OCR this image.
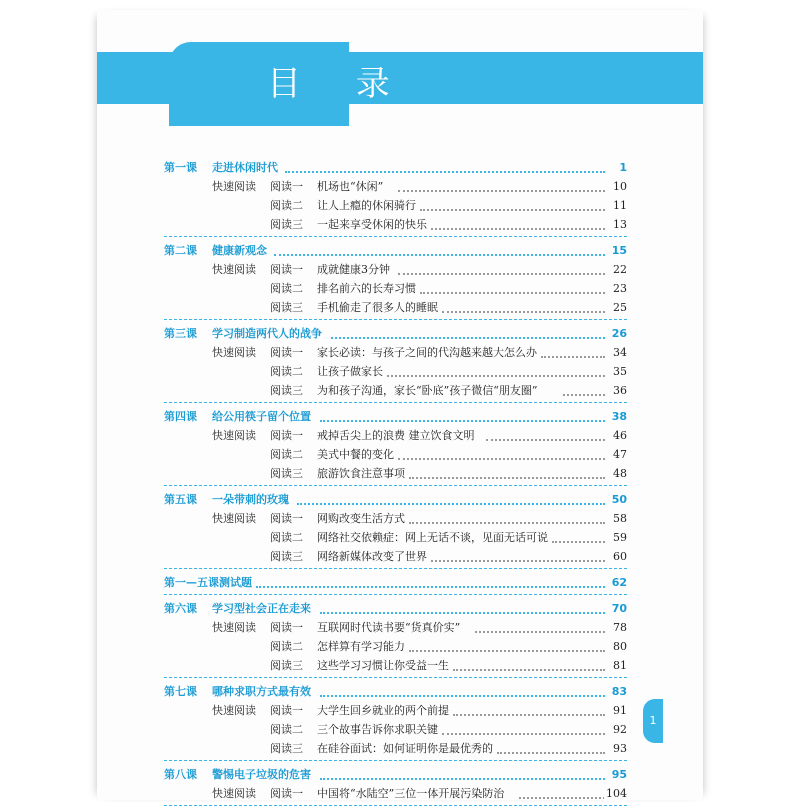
目 录
第一课 走进休闲时代	1
快速阅读 阅读一 机场也“休闲”	10
阅读二 让人上瘾的休闲骑行	11
阅读三 一起来享受休闲的快乐	13
第二课 健康新观念	15
快速阅读 阅读一 成就健康3分钟	22
阅读二 排名前六的长寿习惯	23
阅读三 手机偷走了很多人的睡眠	25
第三课 学习制造两代人的战争	26
快速阅读 阅读一 家长必读：与孩子之间的代沟越来越大怎么办	34
阅读二 让孩子做家长	35
阅读三 为和孩子沟通，家长“卧底”孩子微信“朋友圈”	36
第四课 给公用筷子留个位置	38
快速阅读 阅读一 戒掉舌尖上的浪费 建立饮食文明	46
阅读二 美式中餐的变化	47
阅读三 旅游饮食注意事项	48
第五课 一朵带刺的玫瑰	50
快速阅读 阅读一 网购改变生活方式	58
阅读二 网络社交依赖症：网上无话不谈，见面无话可说	59
阅读三 网络新媒体改变了世界	60
第一—五课测试题	62
第六课 学习型社会正在走来	70
快速阅读 阅读一 互联网时代读书要“货真价实”	78
阅读二 怎样算有学习能力	80
阅读三 这些学习习惯让你受益一生	81
第七课 哪种求职方式最有效	83
快速阅读 阅读一 大学生回乡就业的两个前提	91
阅读二 三个故事告诉你求职关键	92
阅读三 在硅谷面试：如何证明你是最优秀的	93
第八课 警惕电子垃圾的危害	95
快速阅读 阅读一 中国将“水陆空”三位一体开展污染防治	104
1
